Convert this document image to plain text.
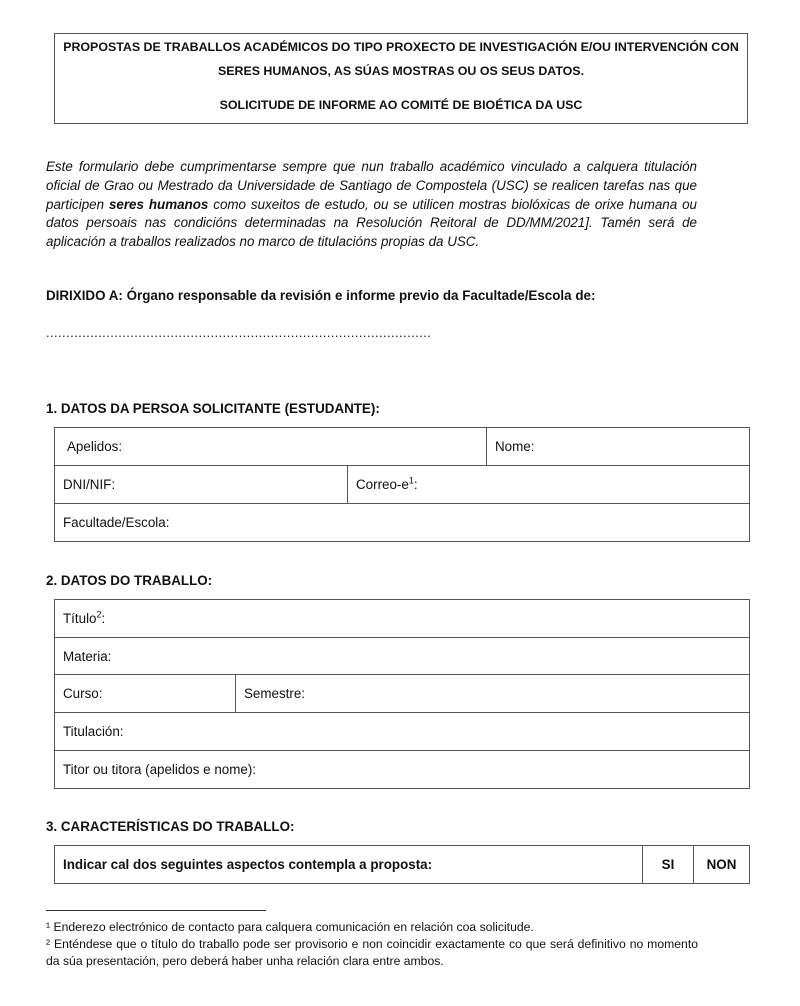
PROPOSTAS DE TRABALLOS ACADÉMICOS DO TIPO PROXECTO DE INVESTIGACIÓN E/OU INTERVENCIÓN CON
SERES HUMANOS, AS SÚAS MOSTRAS OU OS SEUS DATOS.
SOLICITUDE DE INFORME AO COMITÉ DE BIOÉTICA DA USC
Este formulario debe cumprimentarse sempre que nun traballo académico vinculado a calquera titulación oficial de Grao ou Mestrado da Universidade de Santiago de Compostela (USC) se realicen tarefas nas que participen seres humanos como suxeitos de estudo, ou se utilicen mostras biolóxicas de orixe humana ou datos persoais nas condicións determinadas na Resolución Reitoral de DD/MM/2021]. Tamén será de aplicación a traballos realizados no marco de titulacións propias da USC.
DIRIXIDO A: Órgano responsable da revisión e informe previo da Facultade/Escola de:
................................................................................................
1. DATOS DA PERSOA SOLICITANTE (ESTUDANTE):
Apelidos:		Nome:
DNI/NIF:	Correo-e$^1$:	
Facultade/Escola:		
2. DATOS DO TRABALLO:
Título$^2$:
Materia:
Curso:	Semestre:
Titulación:
Titor ou titora (apelidos e nome):
3. CARACTERÍSTICAS DO TRABALLO:
Indicar cal dos seguintes aspectos contempla a proposta:	SI	NON
¹ Enderezo electrónico de contacto para calquera comunicación en relación coa solicitude.
² Enténdese que o título do traballo pode ser provisorio e non coincidir exactamente co que será definitivo no momento da súa presentación, pero deberá haber unha relación clara entre ambos.
